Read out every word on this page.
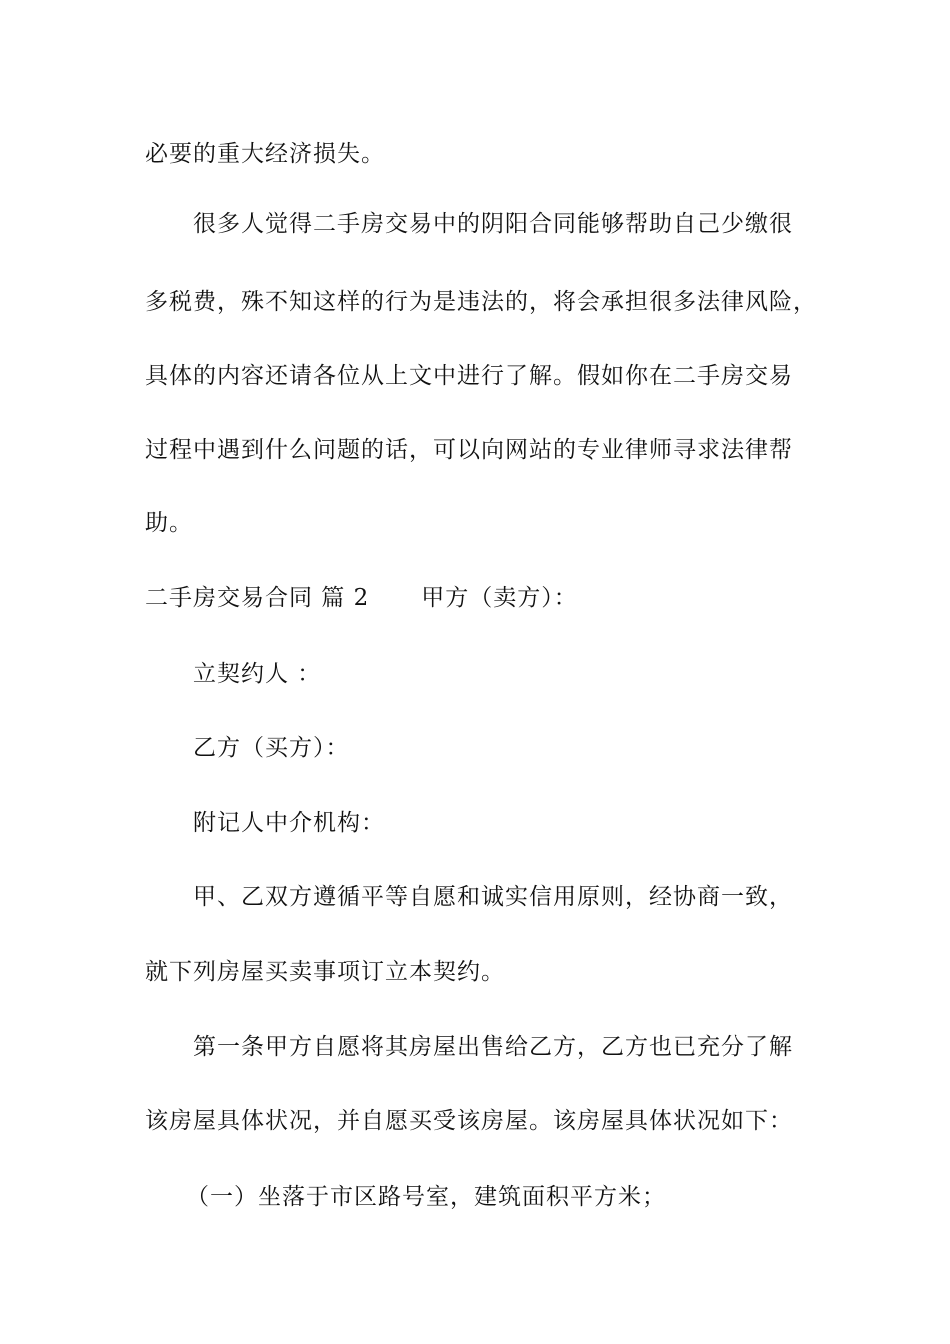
必要的重大经济损失。
很多人觉得二手房交易中的阴阳合同能够帮助自己少缴很
多税费，殊不知这样的行为是违法的，将会承担很多法律风险，
具体的内容还请各位从上文中进行了解。假如你在二手房交易
过程中遇到什么问题的话，可以向网站的专业律师寻求法律帮
助。
二手房交易合同 篇 2 甲方（卖方）：
立契约人 ：
乙方（买方）：
附记人中介机构：
甲、乙双方遵循平等自愿和诚实信用原则，经协商一致，
就下列房屋买卖事项订立本契约。
第一条甲方自愿将其房屋出售给乙方，乙方也已充分了解
该房屋具体状况，并自愿买受该房屋。该房屋具体状况如下：
（一）坐落于市区路号室，建筑面积平方米；
